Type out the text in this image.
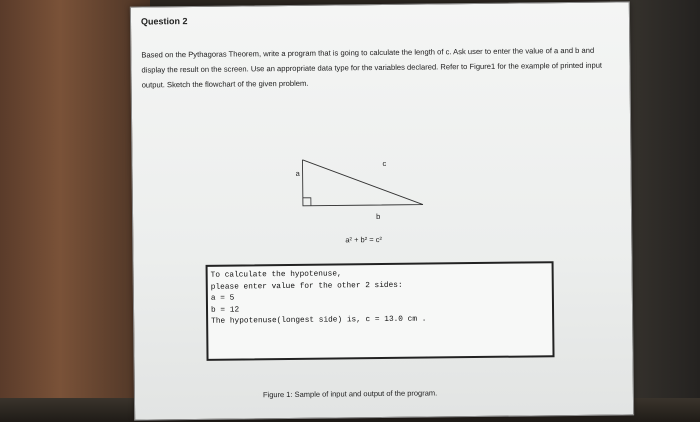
Question 2

Based on the Pythagoras Theorem, write a program that is going to calculate the length of c. Ask user to enter the value of a and b and display the result on the screen. Use an appropriate data type for the variables declared. Refer to Figure1 for the example of printed input output. Sketch the flowchart of the given problem.

a
c
b
a² + b² = c²
To calculate the hypotenuse,
please enter value for the other 2 sides:
a = 5
b = 12
The hypotenuse(longest side) is, c = 13.0 cm .
Figure 1: Sample of input and output of the program.
